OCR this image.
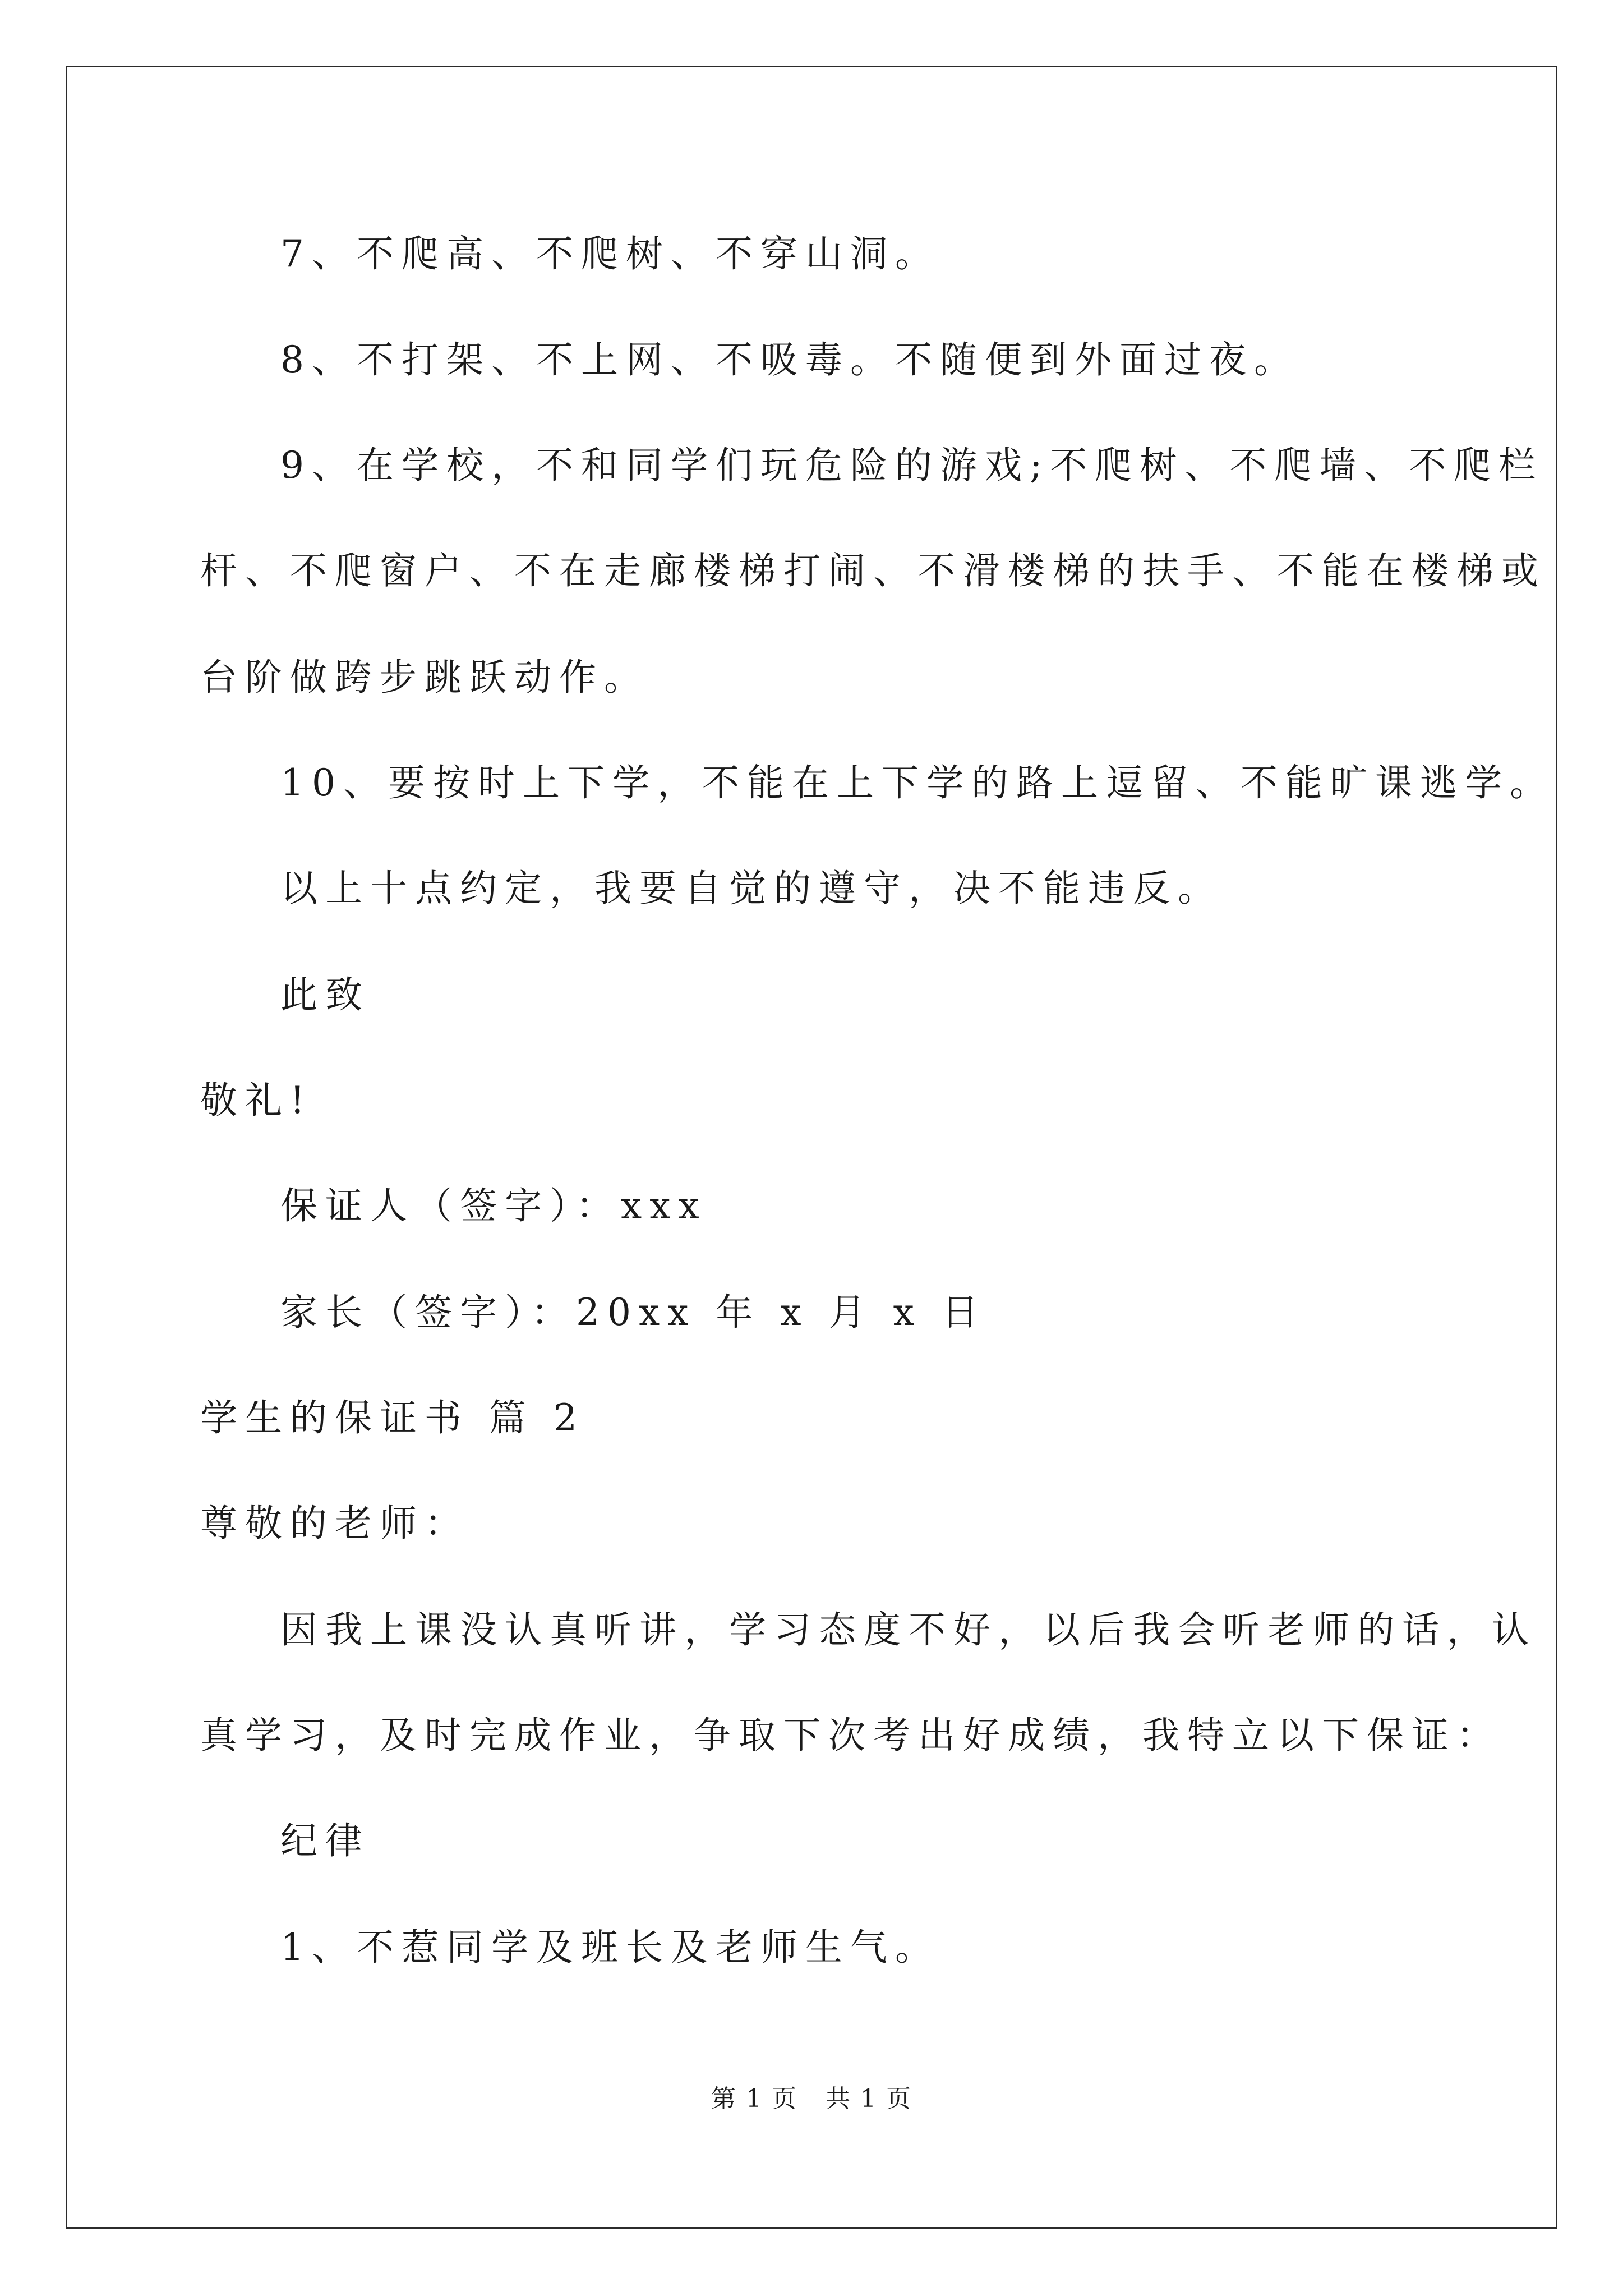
7、不爬高、不爬树、不穿山洞。
8、不打架、不上网、不吸毒。不随便到外面过夜。
9、在学校，不和同学们玩危险的游戏;不爬树、不爬墙、不爬栏
杆、不爬窗户、不在走廊楼梯打闹、不滑楼梯的扶手、不能在楼梯或
台阶做跨步跳跃动作。
10、要按时上下学，不能在上下学的路上逗留、不能旷课逃学。
以上十点约定，我要自觉的遵守，决不能违反。
此致
敬礼!
保证人（签字）：xxx
家长（签字）：20xx 年 x 月 x 日
学生的保证书 篇 2
尊敬的老师：
因我上课没认真听讲，学习态度不好，以后我会听老师的话，认
真学习，及时完成作业，争取下次考出好成绩，我特立以下保证：
纪律
1、不惹同学及班长及老师生气。
第 1 页 共 1 页
